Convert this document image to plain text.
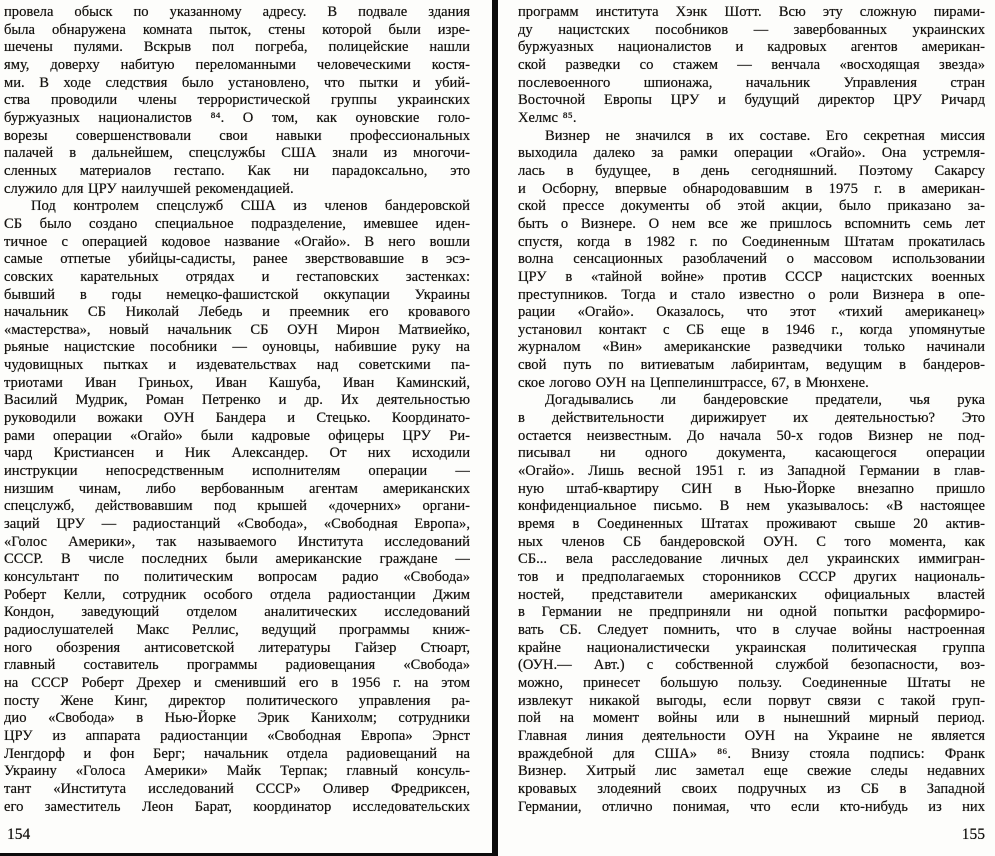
провела обыск по указанному адресу. В подвале здания
была обнаружена комната пыток, стены которой были изре-
шечены пулями. Вскрыв пол погреба, полицейские нашли
яму, доверху набитую переломанными человеческими костя-
ми. В ходе следствия было установлено, что пытки и убий-
ства проводили члены террористической группы украинских
буржуазных националистов ⁸⁴. О том, как оуновские голо-
ворезы совершенствовали свои навыки профессиональных
палачей в дальнейшем, спецслужбы США знали из многочи-
сленных материалов гестапо. Как ни парадоксально, это
служило для ЦРУ наилучшей рекомендацией.
Под контролем спецслужб США из членов бандеровской
СБ было создано специальное подразделение, имевшее иден-
тичное с операцией кодовое название «Огайо». В него вошли
самые отпетые убийцы-садисты, ранее зверствовавшие в эсэ-
совских карательных отрядах и гестаповских застенках:
бывший в годы немецко-фашистской оккупации Украины
начальник СБ Николай Лебедь и преемник его кровавого
«мастерства», новый начальник СБ ОУН Мирон Матвиейко,
рьяные нацистские пособники — оуновцы, набившие руку на
чудовищных пытках и издевательствах над советскими па-
триотами Иван Гриньох, Иван Кашуба, Иван Каминский,
Василий Мудрик, Роман Петренко и др. Их деятельностью
руководили вожаки ОУН Бандера и Стецько. Координато-
рами операции «Огайо» были кадровые офицеры ЦРУ Ри-
чард Кристиансен и Ник Александер. От них исходили
инструкции непосредственным исполнителям операции —
низшим чинам, либо вербованным агентам американских
спецслужб, действовавшим под крышей «дочерних» органи-
заций ЦРУ — радиостанций «Свобода», «Свободная Европа»,
«Голос Америки», так называемого Института исследований
СССР. В числе последних были американские граждане —
консультант по политическим вопросам радио «Свобода»
Роберт Келли, сотрудник особого отдела радиостанции Джим
Кондон, заведующий отделом аналитических исследований
радиослушателей Макс Реллис, ведущий программы книж-
ного обозрения антисоветской литературы Гайзер Стюарт,
главный составитель программы радиовещания «Свобода»
на СССР Роберт Дрехер и сменивший его в 1956 г. на этом
посту Жене Кинг, директор политического управления ра-
дио «Свобода» в Нью-Йорке Эрик Канихолм; сотрудники
ЦРУ из аппарата радиостанции «Свободная Европа» Эрнст
Ленгдорф и фон Берг; начальник отдела радиовещаний на
Украину «Голоса Америки» Майк Терпак; главный консуль-
тант «Института исследований СССР» Оливер Фредриксен,
его заместитель Леон Барат, координатор исследовательских
154
программ института Хэнк Шотт. Всю эту сложную пирами-
ду нацистских пособников — завербованных украинских
буржуазных националистов и кадровых агентов американ-
ской разведки со стажем — венчала «восходящая звезда»
послевоенного шпионажа, начальник Управления стран
Восточной Европы ЦРУ и будущий директор ЦРУ Ричард
Хелмс ⁸⁵.
Визнер не значился в их составе. Его секретная миссия
выходила далеко за рамки операции «Огайо». Она устремля-
лась в будущее, в день сегодняшний. Поэтому Сакарсу
и Осборну, впервые обнародовавшим в 1975 г. в американ-
ской прессе документы об этой акции, было приказано за-
быть о Визнере. О нем все же пришлось вспомнить семь лет
спустя, когда в 1982 г. по Соединенным Штатам прокатилась
волна сенсационных разоблачений о массовом использовании
ЦРУ в «тайной войне» против СССР нацистских военных
преступников. Тогда и стало известно о роли Визнера в опе-
рации «Огайо». Оказалось, что этот «тихий американец»
установил контакт с СБ еще в 1946 г., когда упомянутые
журналом «Вин» американские разведчики только начинали
свой путь по витиеватым лабиринтам, ведущим в бандеров-
ское логово ОУН на Цеппелинштрассе, 67, в Мюнхене.
Догадывались ли бандеровские предатели, чья рука
в действительности дирижирует их деятельностью? Это
остается неизвестным. До начала 50-х годов Визнер не под-
писывал ни одного документа, касающегося операции
«Огайо». Лишь весной 1951 г. из Западной Германии в глав-
ную штаб-квартиру СИН в Нью-Йорке внезапно пришло
конфиденциальное письмо. В нем указывалось: «В настоящее
время в Соединенных Штатах проживают свыше 20 актив-
ных членов СБ бандеровской ОУН. С того момента, как
СБ... вела расследование личных дел украинских иммигран-
тов и предполагаемых сторонников СССР других националь-
ностей, представители американских официальных властей
в Германии не предприняли ни одной попытки расформиро-
вать СБ. Следует помнить, что в случае войны настроенная
крайне националистически украинская политическая группа
(ОУН.— Авт.) с собственной службой безопасности, воз-
можно, принесет большую пользу. Соединенные Штаты не
извлекут никакой выгоды, если порвут связи с такой груп-
пой на момент войны или в нынешний мирный период.
Главная линия деятельности ОУН на Украине не является
враждебной для США» ⁸⁶. Внизу стояла подпись: Франк
Визнер. Хитрый лис заметал еще свежие следы недавних
кровавых злодеяний своих подручных из СБ в Западной
Германии, отлично понимая, что если кто-нибудь из них
155
